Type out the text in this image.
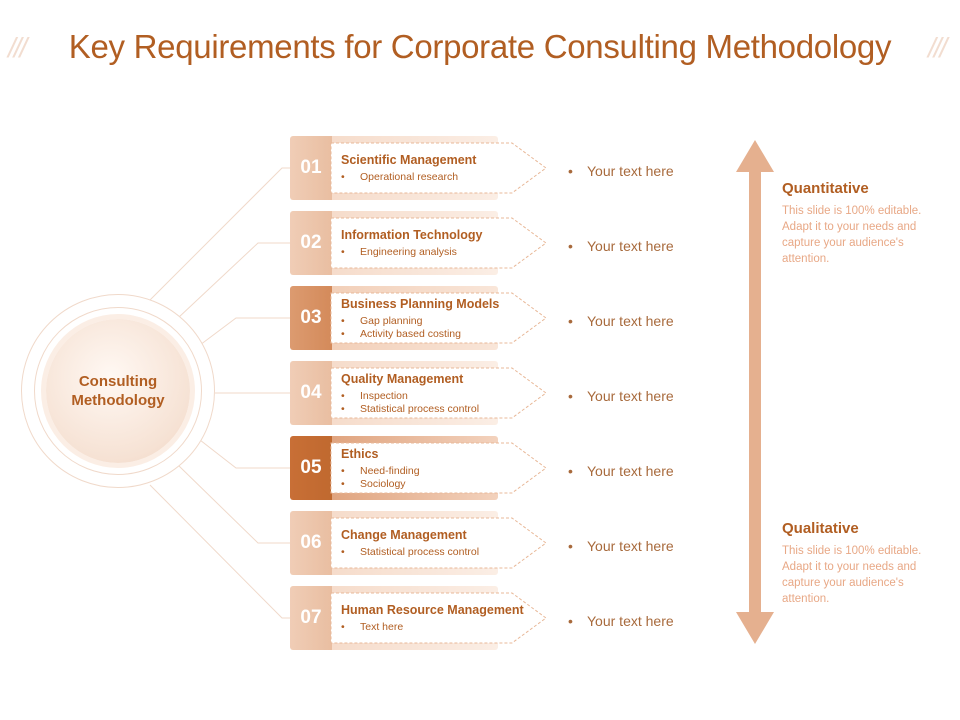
///	Key Requirements for Corporate Consulting Methodology	///
Consulting Methodology
01	Scientific Management
• Operational research	• Your text here
02	Information Technology
• Engineering analysis	• Your text here
03
Business Planning Models
• Gap planning
• Activity based costing
• Your text here
04
Quality Management
• Inspection
• Statistical process control
• Your text here
05
Ethics
• Need-finding
• Sociology
• Your text here
06	Change Management
• Statistical process control	• Your text here
07	Human Resource Management
• Text here	• Your text here
Quantitative
This slide is 100% editable. Adapt it to your needs and capture your audience's attention.
Qualitative
This slide is 100% editable. Adapt it to your needs and capture your audience's attention.
